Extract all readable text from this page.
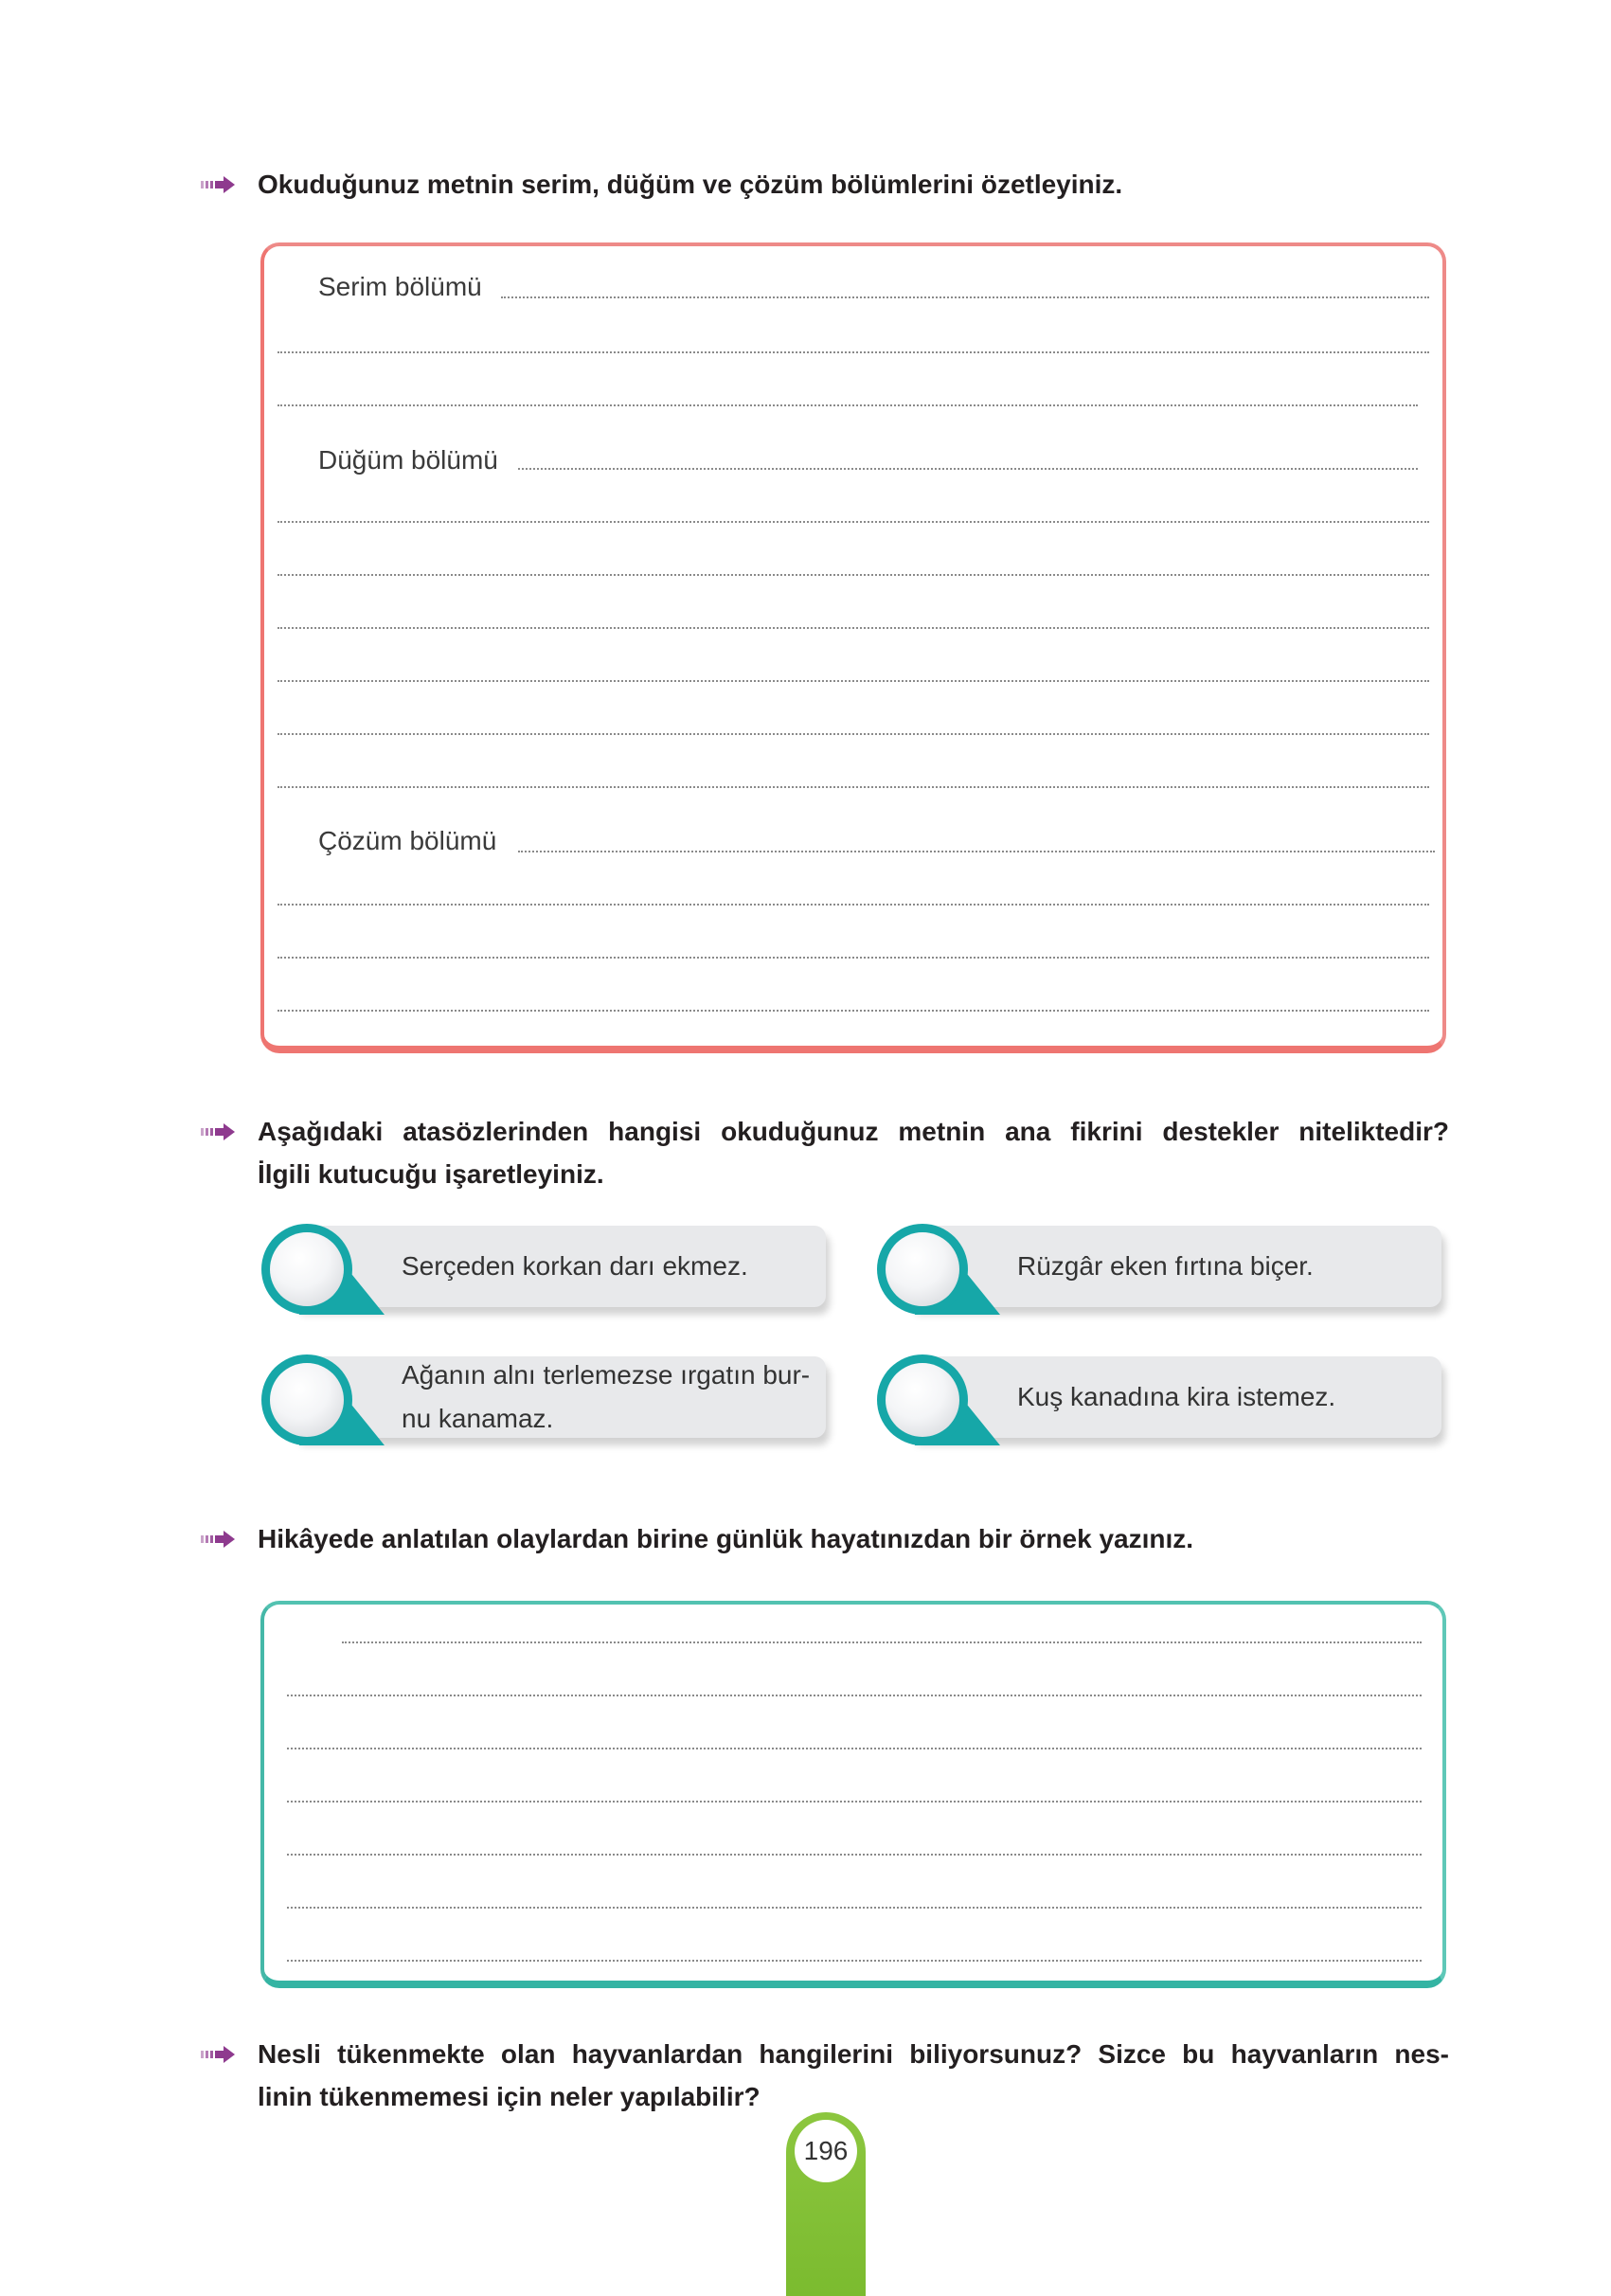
Okuduğunuz metnin serim, düğüm ve çözüm bölümlerini özetleyiniz.
Serim bölümü
Düğüm bölümü
Çözüm bölümü
Aşağıdaki atasözlerinden hangisi okuduğunuz metnin ana fikrini destekler niteliktedir?
İlgili kutucuğu işaretleyiniz.
Serçeden korkan darı ekmez.	Rüzgâr eken fırtına biçer.
Ağanın alnı terlemezse ırgatın bur-
nu kanamaz.
Kuş kanadına kira istemez.
Hikâyede anlatılan olaylardan birine günlük hayatınızdan bir örnek yazınız.
Nesli tükenmekte olan hayvanlardan hangilerini biliyorsunuz? Sizce bu hayvanların nes-
linin tükenmemesi için neler yapılabilir?
196
